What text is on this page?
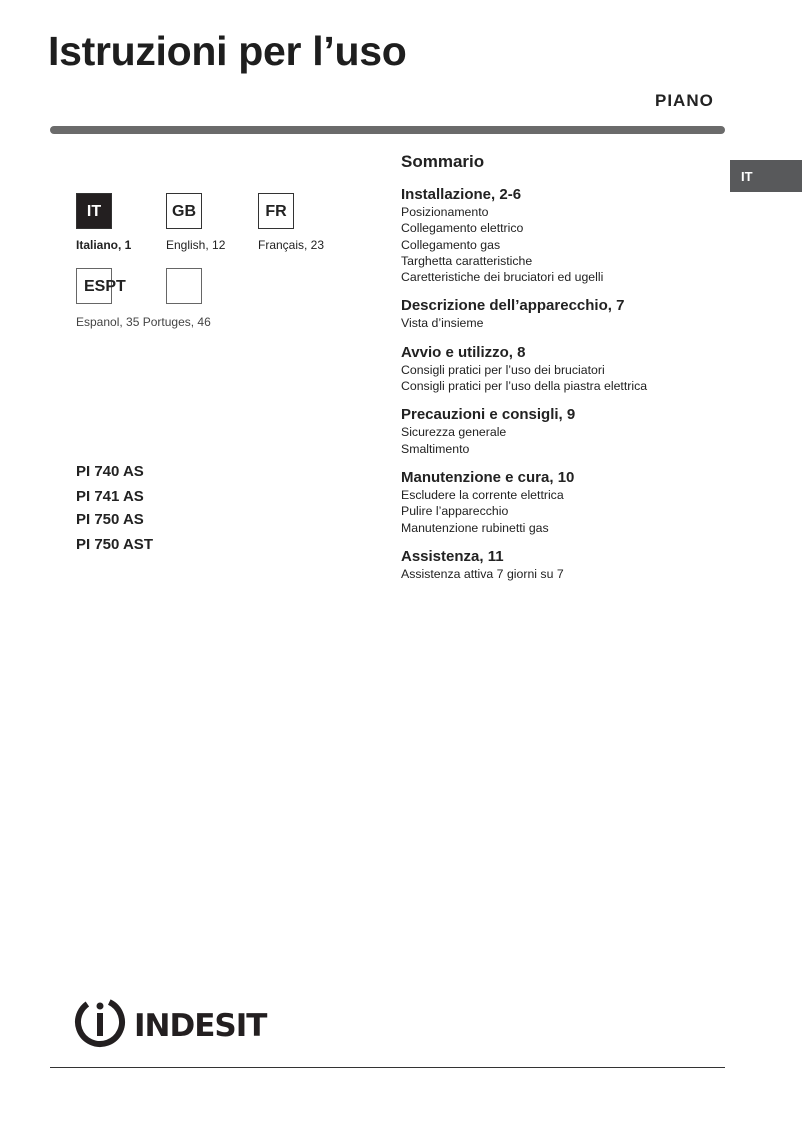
Istruzioni per l’uso
PIANO
IT
IT	GB	FR
Italiano, 1	English, 12	Français, 23
ESPT
Espanol, 35 Portuges, 46
PI 740 AS
PI 741 AS
PI 750 AS
PI 750 AST
Sommario
Installazione, 2-6
Posizionamento
Collegamento elettrico
Collegamento gas
Targhetta caratteristiche
Caretteristiche dei bruciatori ed ugelli
Descrizione dell’apparecchio, 7
Vista d’insieme
Avvio e utilizzo, 8
Consigli pratici per l’uso dei bruciatori
Consigli pratici per l’uso della piastra elettrica
Precauzioni e consigli, 9
Sicurezza generale
Smaltimento
Manutenzione e cura, 10
Escludere la corrente elettrica
Pulire l’apparecchio
Manutenzione rubinetti gas
Assistenza, 11
Assistenza attiva 7 giorni su 7
INDESIT
